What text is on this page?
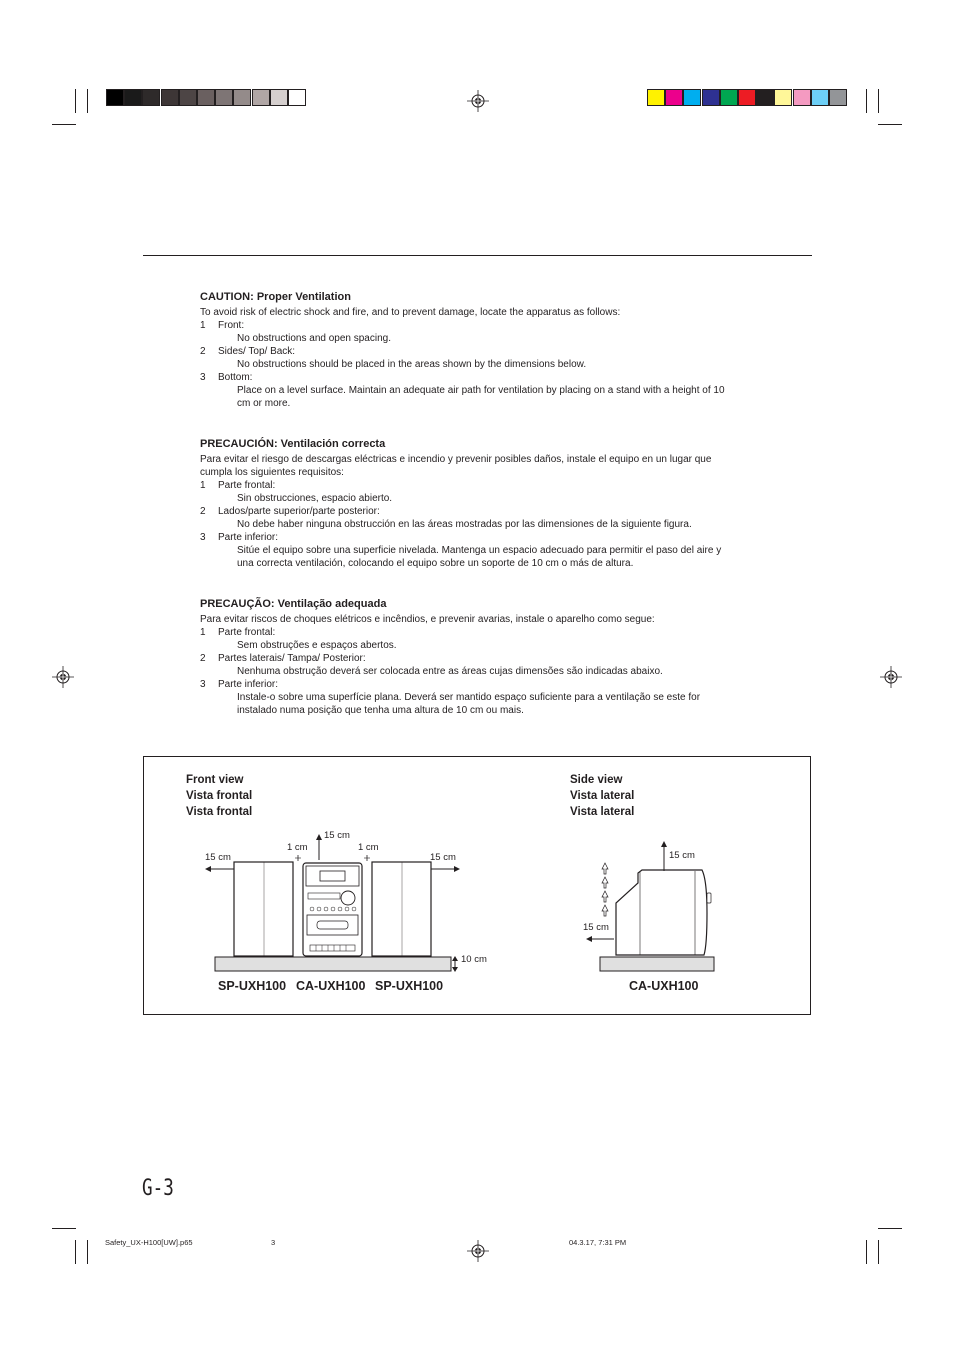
CAUTION: Proper Ventilation
To avoid risk of electric shock and fire, and to prevent damage, locate the apparatus as follows:
1	Front:
No obstructions and open spacing.
2	Sides/ Top/ Back:
No obstructions should be placed in the areas shown by the dimensions below.
3	Bottom:
Place on a level surface. Maintain an adequate air path for ventilation by placing on a stand with a height of 10
cm or more.
PRECAUCIÓN: Ventilación correcta
Para evitar el riesgo de descargas eléctricas e incendio y prevenir posibles daños, instale el equipo en un lugar que
cumpla los siguientes requisitos:
1	Parte frontal:
Sin obstrucciones, espacio abierto.
2	Lados/parte superior/parte posterior:
No debe haber ninguna obstrucción en las áreas mostradas por las dimensiones de la siguiente figura.
3	Parte inferior:
Sitúe el equipo sobre una superficie nivelada. Mantenga un espacio adecuado para permitir el paso del aire y
una correcta ventilación, colocando el equipo sobre un soporte de 10 cm o más de altura.
PRECAUÇÃO: Ventilação adequada
Para evitar riscos de choques elétricos e incêndios, e prevenir avarias, instale o aparelho como segue:
1	Parte frontal:
Sem obstruções e espaços abertos.
2	Partes laterais/ Tampa/ Posterior:
Nenhuma obstrução deverá ser colocada entre as áreas cujas dimensões são indicadas abaixo.
3	Parte inferior:
Instale-o sobre uma superfície plana. Deverá ser mantido espaço suficiente para a ventilação se este for
instalado numa posição que tenha uma altura de 10 cm ou mais.
Front view
Vista frontal
Vista frontal
Side view
Vista lateral
Vista lateral
15 cm	15 cm
15 cm
1 cm	1 cm
10 cm
SP-UXH100 CA-UXH100 SP-UXH100
15 cm
15 cm
CA-UXH100
G-3
Safety_UX-H100[UW].p65	3	04.3.17, 7:31 PM
